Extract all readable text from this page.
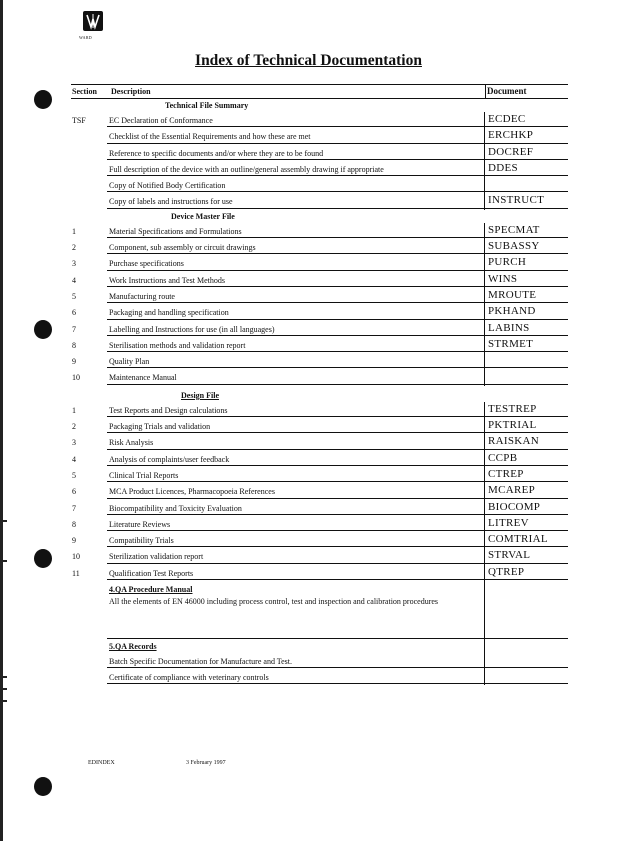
WARD
Index of Technical Documentation
Section Description	Document
Technical File Summary
TSF	EC Declaration of Conformance	ECDEC
Checklist of the Essential Requirements and how these are met	ERCHKP
Reference to specific documents and/or where they are to be found	DOCREF
Full description of the device with an outline/general assembly drawing if appropriate	DDES
Copy of Notified Body Certification
Copy of labels and instructions for use	INSTRUCT
Device Master File
1	Material Specifications and Formulations	SPECMAT
2	Component, sub assembly or circuit drawings	SUBASSY
3	Purchase specifications	PURCH
4	Work Instructions and Test Methods	WINS
5	Manufacturing route	MROUTE
6	Packaging and handling specification	PKHAND
7	Labelling and Instructions for use (in all languages)	LABINS
8	Sterilisation methods and validation report	STRMET
9	Quality Plan
10	Maintenance Manual
Design File
1	Test Reports and Design calculations	TESTREP
2	Packaging Trials and validation	PKTRIAL
3	Risk Analysis	RAISKAN
4	Analysis of complaints/user feedback	CCPB
5	Clinical Trial Reports	CTREP
6	MCA Product Licences, Pharmacopoeia References	MCAREP
7	Biocompatibility and Toxicity Evaluation	BIOCOMP
8	Literature Reviews	LITREV
9	Compatibility Trials	COMTRIAL
10	Sterilization validation report	STRVAL
11	Qualification Test Reports	QTREP
4.QA Procedure Manual
All the elements of EN 46000 including process control, test and inspection and calibration procedures
5.QA Records
Batch Specific Documentation for Manufacture and Test.
Certificate of compliance with veterinary controls
EDINDEX	3 February 1997
